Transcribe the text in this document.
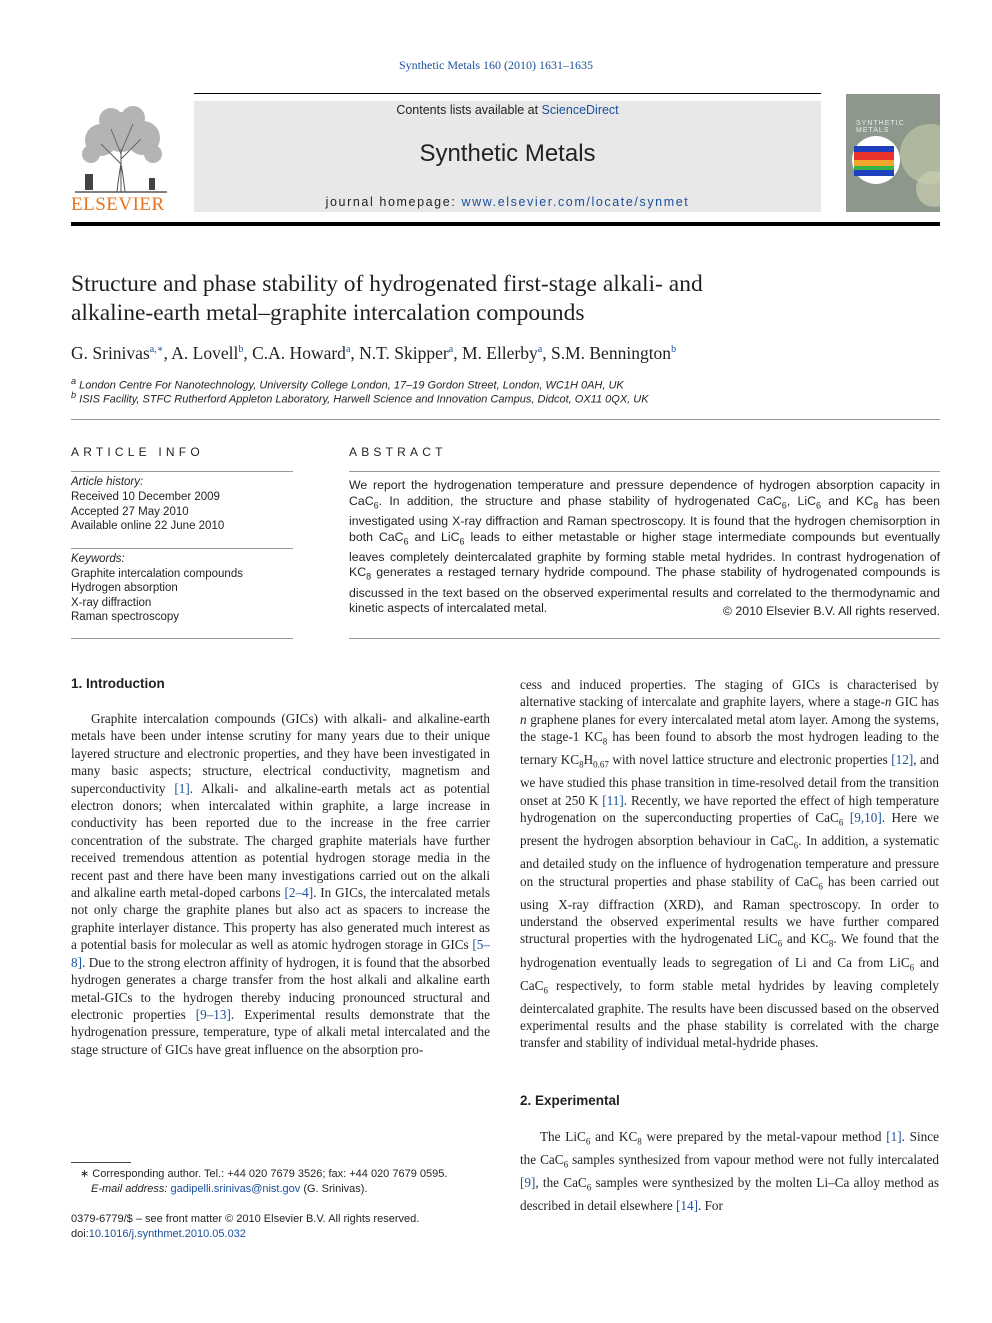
Synthetic Metals 160 (2010) 1631–1635
ELSEVIER
Contents lists available at ScienceDirect
Synthetic Metals
journal homepage: www.elsevier.com/locate/synmet
SYNTHETIC METALS
Structure and phase stability of hydrogenated first-stage alkali- and
alkaline-earth metal–graphite intercalation compounds
G. Srinivas$^{a,∗}$, A. Lovell$^b$, C.A. Howard$^a$, N.T. Skipper$^a$, M. Ellerby$^a$, S.M. Bennington$^b$
$^a$ London Centre For Nanotechnology, University College London, 17–19 Gordon Street, London, WC1H 0AH, UK
$^b$ ISIS Facility, STFC Rutherford Appleton Laboratory, Harwell Science and Innovation Campus, Didcot, OX11 0QX, UK
ARTICLE INFO
Article history:
Received 10 December 2009
Accepted 27 May 2010
Available online 22 June 2010
Keywords:
Graphite intercalation compounds
Hydrogen absorption
X-ray diffraction
Raman spectroscopy
ABSTRACT
We report the hydrogenation temperature and pressure dependence of hydrogen absorption capacity in CaC$_6$. In addition, the structure and phase stability of hydrogenated CaC$_6$, LiC$_6$ and $KC_8$ has been investigated using X-ray diffraction and Raman spectroscopy. It is found that the hydrogen chemisorption in both CaC$_6$ and LiC$_6$ leads to either metastable or higher stage intermediate compounds but eventually leaves completely deintercalated graphite by forming stable metal hydrides. In contrast hydrogenation of $KC_8$ generates a restaged ternary hydride compound. The phase stability of hydrogenated compounds is discussed in the text based on the observed experimental results and correlated to the thermodynamic and kinetic aspects of intercalated metal.	© 2010 Elsevier B.V. All rights reserved.
1. Introduction

Graphite intercalation compounds (GICs) with alkali- and alkaline-earth metals have been under intense scrutiny for many years due to their unique layered structure and electronic properties, and they have been investigated in many basic aspects; structure, electrical conductivity, magnetism and superconductivity [1]. Alkali- and alkaline-earth metals act as potential electron donors; when intercalated within graphite, a large increase in conductivity has been reported due to the increase in the free carrier concentration of the substrate. The charged graphite materials have further received tremendous attention as potential hydrogen storage media in the recent past and there have been many investigations carried out on the alkali and alkaline earth metal-doped carbons [2–4]. In GICs, the intercalated metals not only charge the graphite planes but also act as spacers to increase the graphite interlayer distance. This property has also generated much interest as a potential basis for molecular as well as atomic hydrogen storage in GICs [5–8]. Due to the strong electron affinity of hydrogen, it is found that the absorbed hydrogen generates a charge transfer from the host alkali and alkaline earth metal-GICs to the hydrogen thereby inducing pronounced structural and electronic properties [9–13]. Experimental results demonstrate that the hydrogenation pressure, temperature, type of alkali metal intercalated and the stage structure of GICs have great influence on the absorption pro-

cess and induced properties. The staging of GICs is characterised by alternative stacking of intercalate and graphite layers, where a stage-n GIC has n graphene planes for every intercalated metal atom layer. Among the systems, the stage-1 $KC_8$ has been found to absorb the most hydrogen leading to the ternary $KC_8H_{0.67}$ with novel lattice structure and electronic properties [12], and we have studied this phase transition in time-resolved detail from the transition onset at 250 K [11]. Recently, we have reported the effect of high temperature hydrogenation on the superconducting properties of CaC$_6$ [9,10]. Here we present the hydrogen absorption behaviour in CaC$_6$. In addition, a systematic and detailed study on the influence of hydrogenation temperature and pressure on the structural properties and phase stability of CaC$_6$ has been carried out using X-ray diffraction (XRD), and Raman spectroscopy. In order to understand the observed experimental results we have further compared structural properties with the hydrogenated LiC$_6$ and $KC_8$. We found that the hydrogenation eventually leads to segregation of Li and Ca from LiC$_6$ and CaC$_6$ respectively, to form stable metal hydrides by leaving completely deintercalated graphite. The results have been discussed based on the observed experimental results and the phase stability is correlated with the charge transfer and stability of individual metal-hydride phases.

2. Experimental

The LiC$_6$ and $KC_8$ were prepared by the metal-vapour method [1]. Since the CaC$_6$ samples synthesized from vapour method were not fully intercalated [9], the CaC$_6$ samples were synthesized by the molten Li–Ca alloy method as described in detail elsewhere [14]. For

∗ Corresponding author. Tel.: +44 020 7679 3526; fax: +44 020 7679 0595.
E-mail address: gadipelli.srinivas@nist.gov (G. Srinivas).
0379-6779/$ – see front matter © 2010 Elsevier B.V. All rights reserved.
doi:10.1016/j.synthmet.2010.05.032
